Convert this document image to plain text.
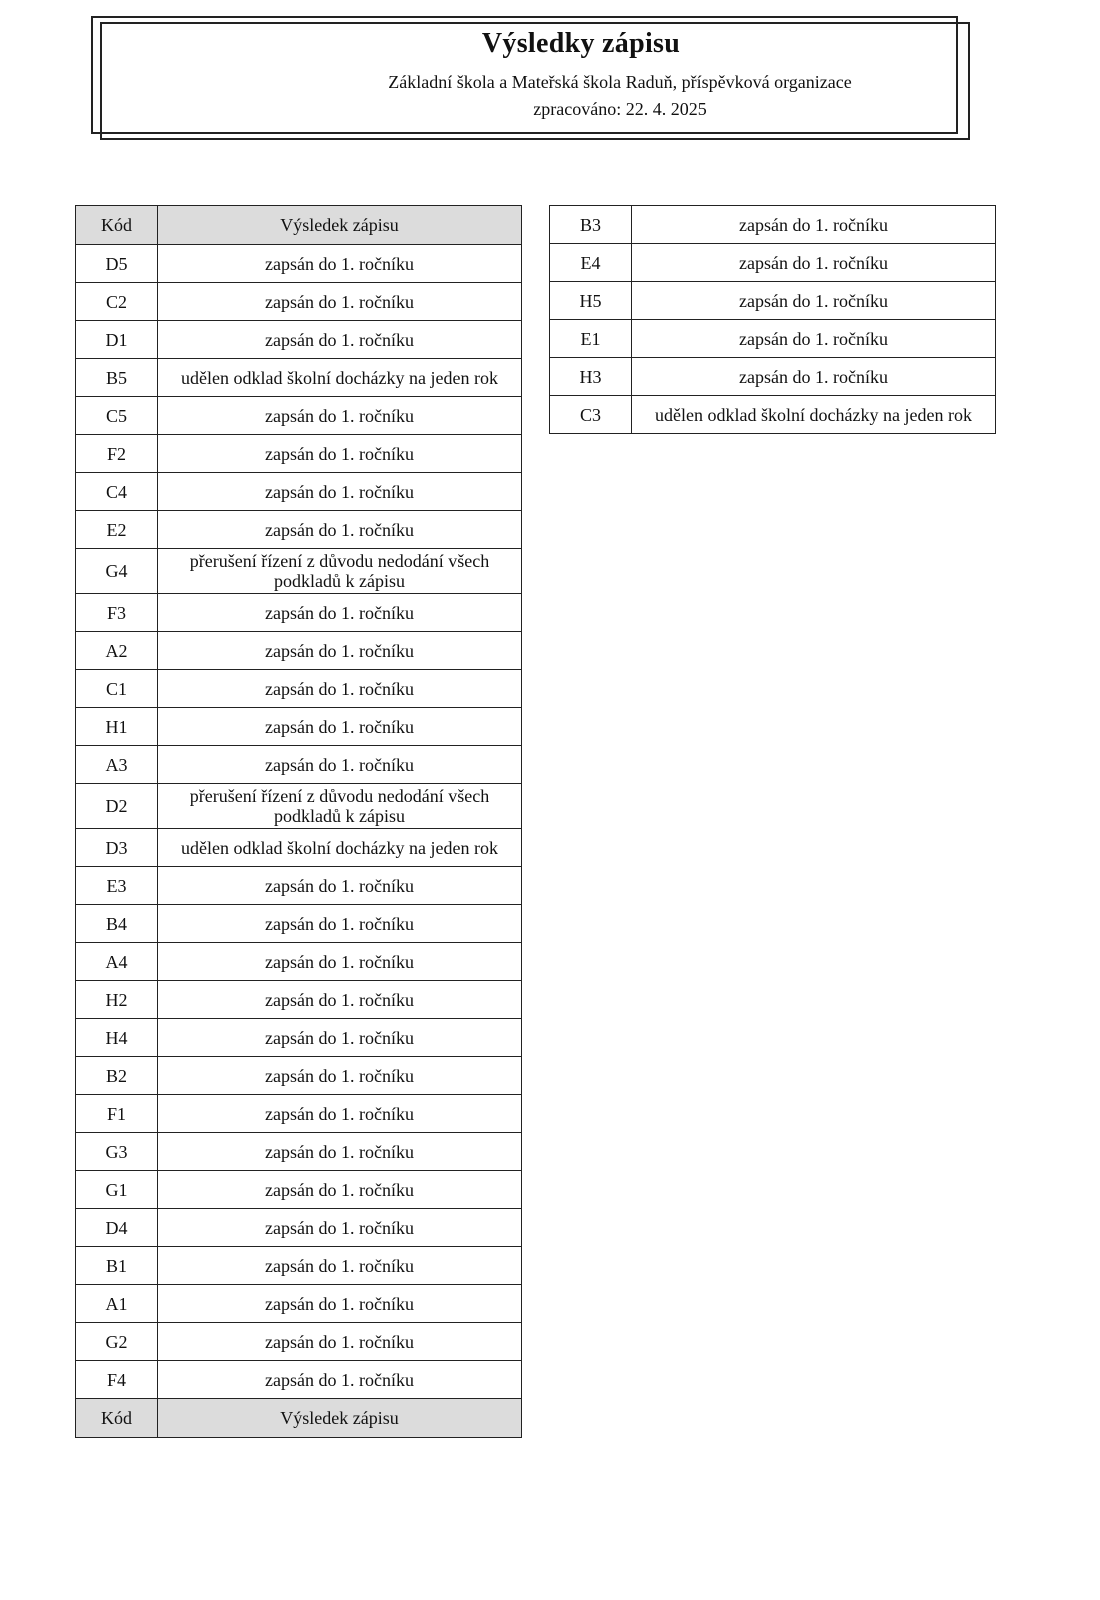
Výsledky zápisu
Základní škola a Mateřská škola Raduň, příspěvková organizace
zpracováno: 22. 4. 2025
Kód	Výsledek zápisu
D5	zapsán do 1. ročníku
C2	zapsán do 1. ročníku
D1	zapsán do 1. ročníku
B5	udělen odklad školní docházky na jeden rok
C5	zapsán do 1. ročníku
F2	zapsán do 1. ročníku
C4	zapsán do 1. ročníku
E2	zapsán do 1. ročníku
G4	přerušení řízení z důvodu nedodání všech podkladů k zápisu
F3	zapsán do 1. ročníku
A2	zapsán do 1. ročníku
C1	zapsán do 1. ročníku
H1	zapsán do 1. ročníku
A3	zapsán do 1. ročníku
D2	přerušení řízení z důvodu nedodání všech podkladů k zápisu
D3	udělen odklad školní docházky na jeden rok
E3	zapsán do 1. ročníku
B4	zapsán do 1. ročníku
A4	zapsán do 1. ročníku
H2	zapsán do 1. ročníku
H4	zapsán do 1. ročníku
B2	zapsán do 1. ročníku
F1	zapsán do 1. ročníku
G3	zapsán do 1. ročníku
G1	zapsán do 1. ročníku
D4	zapsán do 1. ročníku
B1	zapsán do 1. ročníku
A1	zapsán do 1. ročníku
G2	zapsán do 1. ročníku
F4	zapsán do 1. ročníku
Kód	Výsledek zápisu
B3	zapsán do 1. ročníku
E4	zapsán do 1. ročníku
H5	zapsán do 1. ročníku
E1	zapsán do 1. ročníku
H3	zapsán do 1. ročníku
C3	udělen odklad školní docházky na jeden rok
